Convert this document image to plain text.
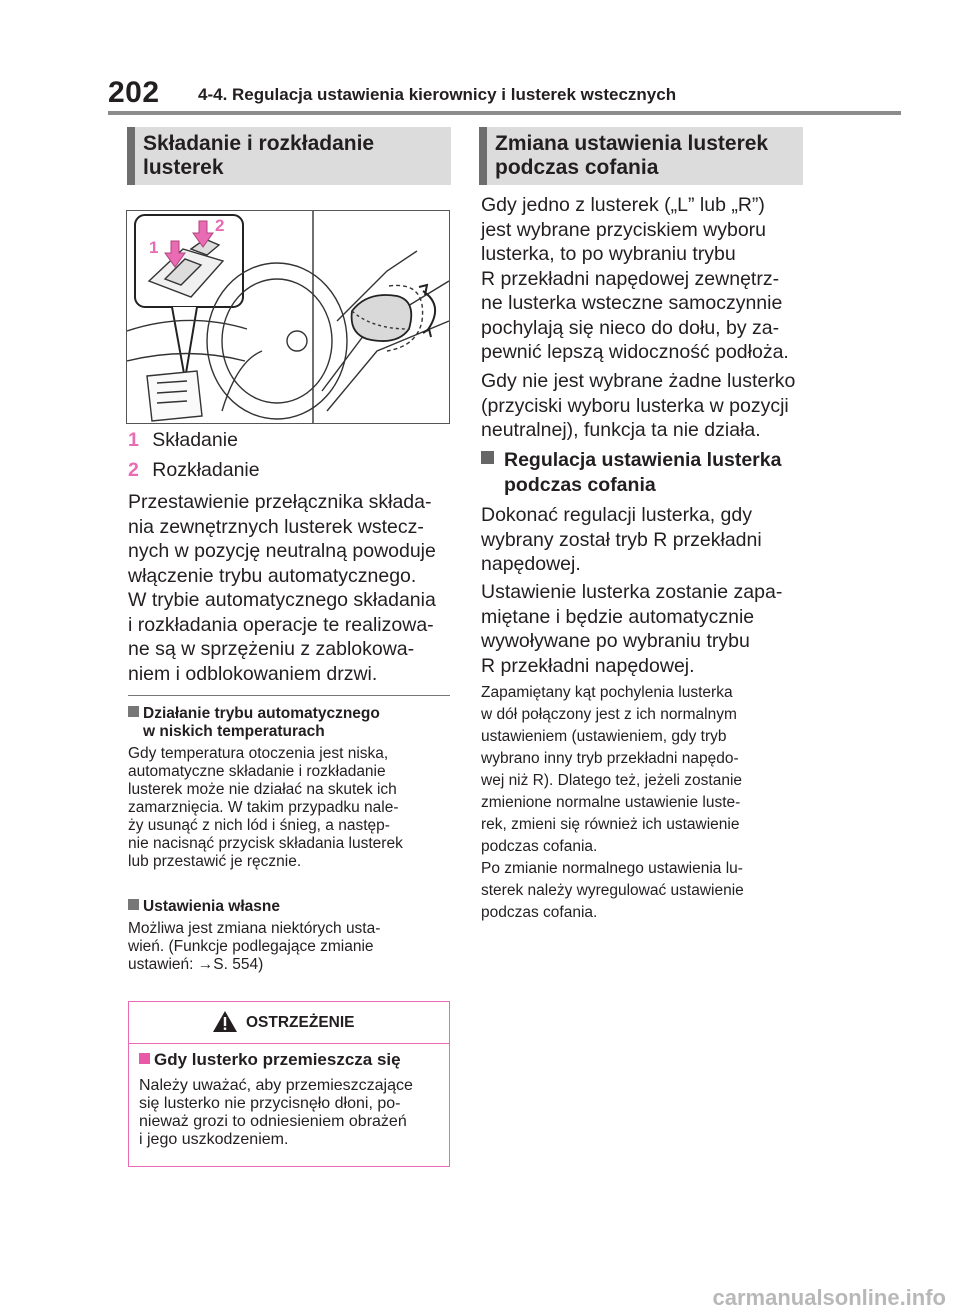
202 4-4. Regulacja ustawienia kierownicy i lusterek wstecznych
Składanie i rozkładanie
lusterek
1
2
1 Składanie
2 Rozkładanie
Przestawienie przełącznika składa-
nia zewnętrznych lusterek wstecz-
nych w pozycję neutralną powoduje
włączenie trybu automatycznego.
W trybie automatycznego składania
i rozkładania operacje te realizowa-
ne są w sprzężeniu z zablokowa-
niem i odblokowaniem drzwi.
Działanie trybu automatycznego
w niskich temperaturach
Gdy temperatura otoczenia jest niska,
automatyczne składanie i rozkładanie
lusterek może nie działać na skutek ich
zamarznięcia. W takim przypadku nale-
ży usunąć z nich lód i śnieg, a następ-
nie nacisnąć przycisk składania lusterek
lub przestawić je ręcznie.
Ustawienia własne
Możliwa jest zmiana niektórych usta-
wień. (Funkcje podlegające zmianie
ustawień: →S. 554)
OSTRZEŻENIE
Gdy lusterko przemieszcza się
Należy uważać, aby przemieszczające
się lusterko nie przycisnęło dłoni, po-
nieważ grozi to odniesieniem obrażeń
i jego uszkodzeniem.
Zmiana ustawienia lusterek
podczas cofania
Gdy jedno z lusterek („L” lub „R”)
jest wybrane przyciskiem wyboru
lusterka, to po wybraniu trybu
R przekładni napędowej zewnętrz-
ne lusterka wsteczne samoczynnie
pochylają się nieco do dołu, by za-
pewnić lepszą widoczność podłoża.
Gdy nie jest wybrane żadne lusterko
(przyciski wyboru lusterka w pozycji
neutralnej), funkcja ta nie działa.
Regulacja ustawienia lusterka
podczas cofania
Dokonać regulacji lusterka, gdy
wybrany został tryb R przekładni
napędowej.
Ustawienie lusterka zostanie zapa-
miętane i będzie automatycznie
wywoływane po wybraniu trybu
R przekładni napędowej.
Zapamiętany kąt pochylenia lusterka
w dół połączony jest z ich normalnym
ustawieniem (ustawieniem, gdy tryb
wybrano inny tryb przekładni napędo-
wej niż R). Dlatego też, jeżeli zostanie
zmienione normalne ustawienie luste-
rek, zmieni się również ich ustawienie
podczas cofania.
Po zmianie normalnego ustawienia lu-
sterek należy wyregulować ustawienie
podczas cofania.
carmanualsonline.info
